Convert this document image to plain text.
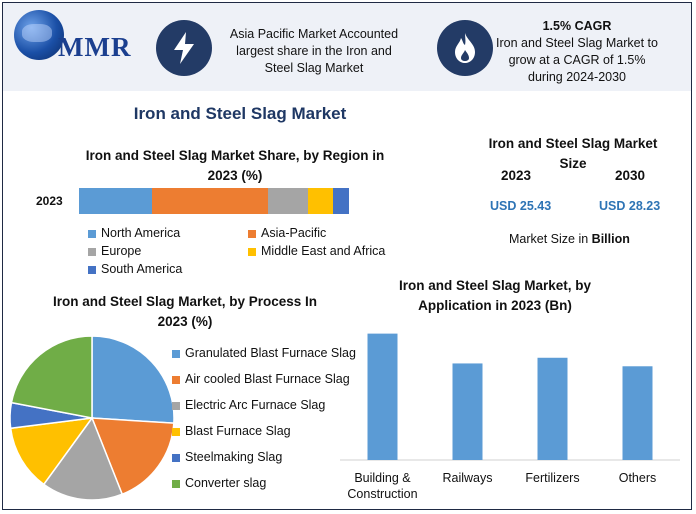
MMR	Asia Pacific Market Accounted
largest share in the Iron and
Steel Slag Market
1.5% CAGR
Iron and Steel Slag Market to
grow at a CAGR of 1.5%
during 2024-2030
Iron and Steel Slag Market
Iron and Steel Slag Market Share, by Region in
2023 (%)
2023
North America	Asia-Pacific
Europe	Middle East and Africa
South America
Iron and Steel Slag Market
Size
2023	2030
USD 25.43	USD 28.23
Market Size in Billion
Iron and Steel Slag Market, by Process In
2023 (%)
Granulated Blast Furnace Slag
Air cooled Blast Furnace Slag
Electric Arc Furnace Slag
Blast Furnace Slag
Steelmaking Slag
Converter slag
Iron and Steel Slag Market, by
Application in 2023 (Bn)
Building &
Construction
Railways	Fertilizers	Others
